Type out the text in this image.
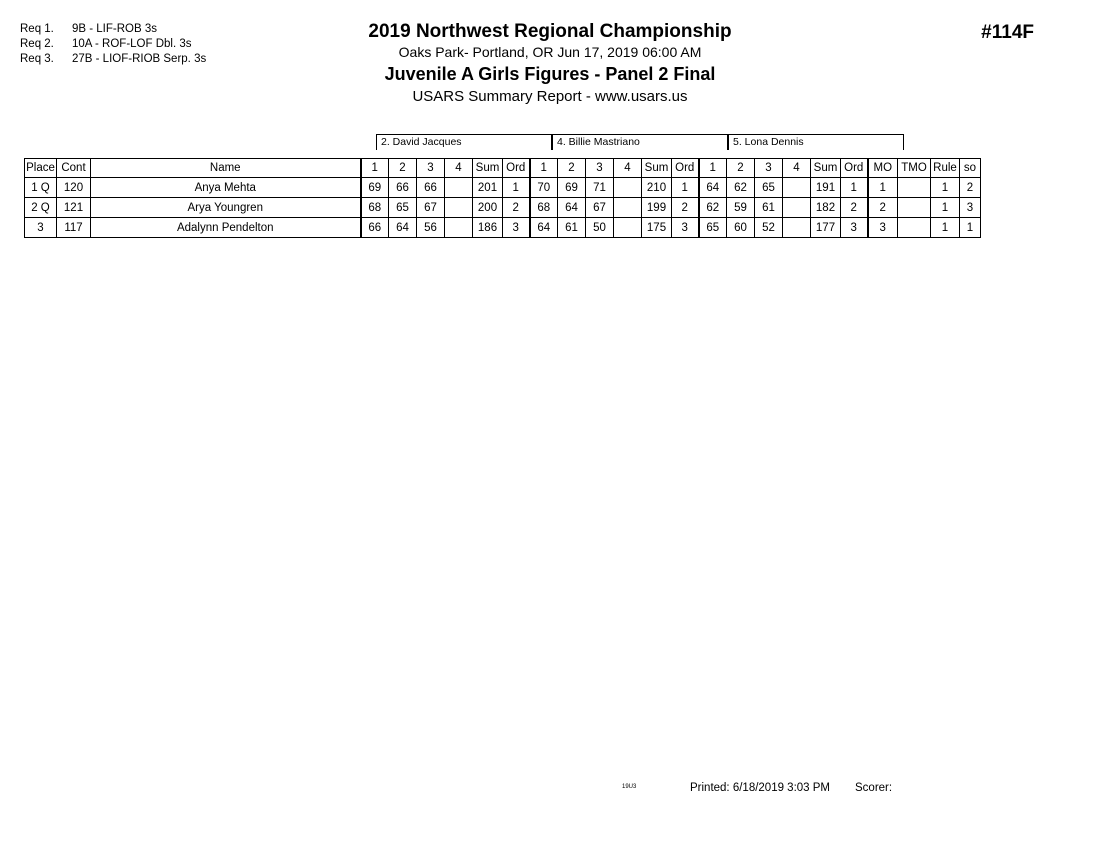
Req 1. 9B - LIF-ROB 3s
Req 2. 10A - ROF-LOF Dbl. 3s
Req 3. 27B - LIOF-RIOB Serp. 3s
2019 Northwest Regional Championship
Oaks Park- Portland, OR Jun 17, 2019 06:00 AM
Juvenile A Girls Figures - Panel 2 Final
USARS Summary Report - www.usars.us
#114F
2. David Jacques	4. Billie Mastriano	5. Lona Dennis
Place	Cont	Name	1	2	3	4	Sum	Ord	1	2	3	4	Sum	Ord	1	2	3	4	Sum	Ord	MO	TMO	Rule	so
1 Q	120	Anya Mehta	69	66	66		201	1	70	69	71		210	1	64	62	65		191	1	1		1	2
2 Q	121	Arya Youngren	68	65	67		200	2	68	64	67		199	2	62	59	61		182	2	2		1	3
3	117	Adalynn Pendelton	66	64	56		186	3	64	61	50		175	3	65	60	52		177	3	3		1	1
19U3	Printed: 6/18/2019 3:03 PM Scorer:
